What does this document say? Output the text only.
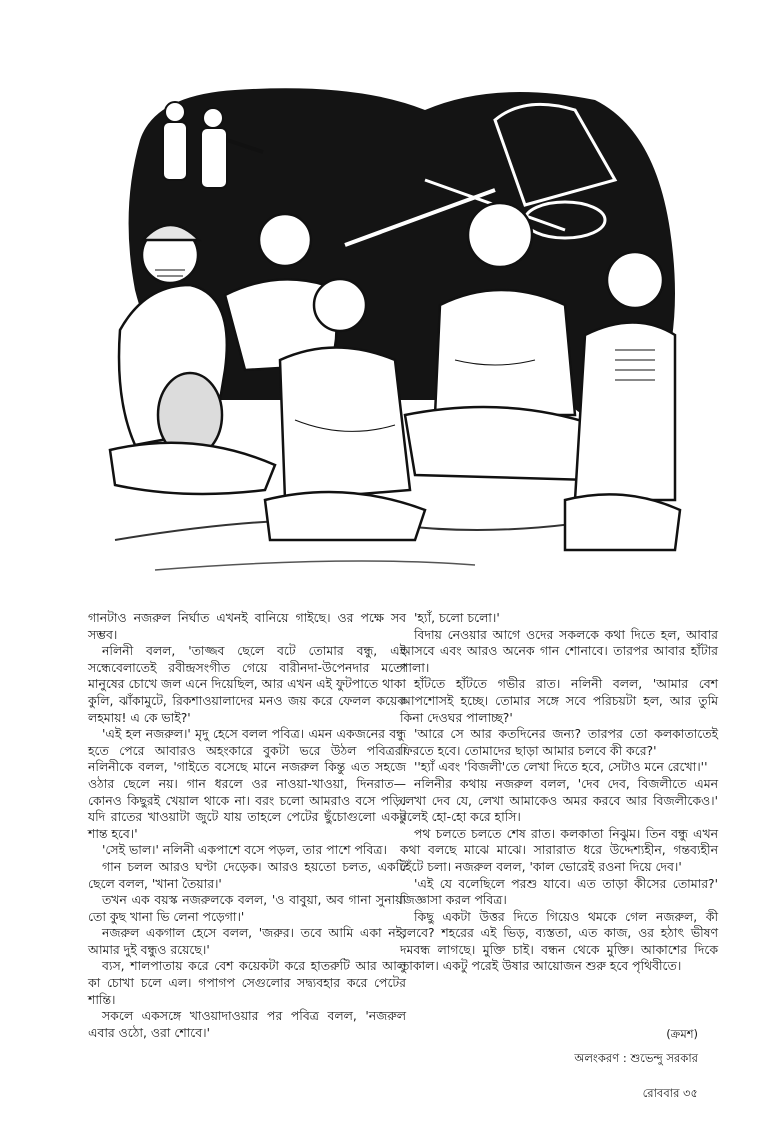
গানটাও নজরুল নির্ঘাত এখনই বানিয়ে গাইছে। ওর পক্ষে সব সম্ভব।

নলিনী বলল, 'তাজ্জব ছেলে বটে তোমার বন্ধু, এই সন্ধেবেলাতেই রবীন্দ্রসংগীত গেয়ে বারীনদা-উপেনদার মতো মানুষের চোখে জল এনে দিয়েছিল, আর এখন এই ফুটপাতে থাকা কুলি, ঝাঁকামুটে, রিকশাওয়ালাদের মনও জয় করে ফেলল কয়েক লহমায়! এ কে ভাই?'

'এই হল নজরুল।' মৃদু হেসে বলল পবিত্র। এমন একজনের বন্ধু হতে পেরে আবারও অহংকারে বুকটা ভরে উঠল পবিত্রর। নলিনীকে বলল, 'গাইতে বসেছে মানে নজরুল কিন্তু এত সহজে ওঠার ছেলে নয়। গান ধরলে ওর নাওয়া-খাওয়া, দিনরাত— কোনও কিছুরই খেয়াল থাকে না। বরং চলো আমরাও বসে পড়ি। যদি রাতের খাওয়াটা জুটে যায় তাহলে পেটের ছুঁচোগুলো একটু শান্ত হবে।'

'সেই ভাল।' নলিনী একপাশে বসে পড়ল, তার পাশে পবিত্র।

গান চলল আরও ঘণ্টা দেড়েক। আরও হয়তো চলত, একটি ছেলে বলল, 'খানা তৈয়ার।'

তখন এক বয়স্ক নজরুলকে বলল, 'ও বাবুয়া, অব গানা সুনায়া তো কুছ খানা ভি লেনা পড়েগা।'

নজরুল একগাল হেসে বলল, 'জরুর। তবে আমি একা নই, আমার দুই বন্ধুও রয়েছে।'

ব্যস, শালপাতায় করে বেশ কয়েকটা করে হাতরুটি আর আলু কা চোখা চলে এল। গপাগপ সেগুলোর সদ্ব্যবহার করে পেটের শান্তি।

সকলে একসঙ্গে খাওয়াদাওয়ার পর পবিত্র বলল, 'নজরুল এবার ওঠো, ওরা শোবে।'

'হ্যাঁ, চলো চলো।'

বিদায় নেওয়ার আগে ওদের সকলকে কথা দিতে হল, আবার আসবে এবং আরও অনেক গান শোনাবে। তারপর আবার হাঁটার পালা।

হাঁটতে হাঁটতে গভীর রাত। নলিনী বলল, 'আমার বেশ আপশোসই হচ্ছে। তোমার সঙ্গে সবে পরিচয়টা হল, আর তুমি কিনা দেওঘর পালাচ্ছ?'

'আরে সে আর কতদিনের জন্য? তারপর তো কলকাতাতেই ফিরতে হবে। তোমাদের ছাড়া আমার চলবে কী করে?'

''হ্যাঁ এবং 'বিজলী'তে লেখা দিতে হবে, সেটাও মনে রেখো।''

নলিনীর কথায় নজরুল বলল, 'দেব দেব, বিজলীতে এমন লেখা দেব যে, লেখা আমাকেও অমর করবে আর বিজলীকেও।' বলেই হো-হো করে হাসি।

পথ চলতে চলতে শেষ রাত। কলকাতা নিঝুম। তিন বন্ধু এখন কথা বলছে মাঝে মাঝে। সারারাত ধরে উদ্দেশ্যহীন, গন্তব্যহীন হেঁটে চলা। নজরুল বলল, 'কাল ভোরেই রওনা দিয়ে দেব।'

'এই যে বলেছিলে পরশু যাবে। এত তাড়া কীসের তোমার?' জিজ্ঞাসা করল পবিত্র।

কিছু একটা উত্তর দিতে গিয়েও থমকে গেল নজরুল, কী বলবে? শহরের এই ভিড়, ব্যস্ততা, এত কাজ, ওর হঠাৎ ভীষণ দমবন্ধ লাগছে। মুক্তি চাই। বন্ধন থেকে মুক্তি। আকাশের দিকে তাকাল। একটু পরেই উষার আয়োজন শুরু হবে পৃথিবীতে।

(ক্রমশ)
অলংকরণ : শুভেন্দু সরকার
রোববার ৩৫
